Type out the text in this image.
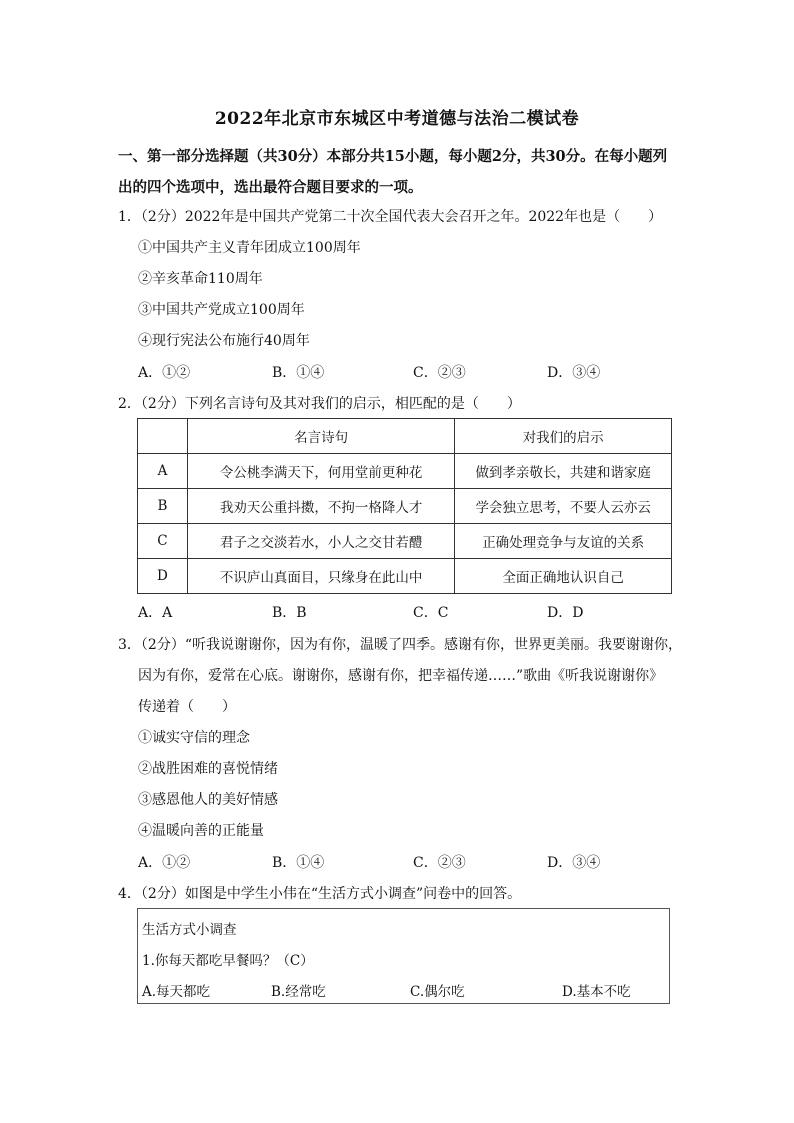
2022年北京市东城区中考道德与法治二模试卷
一、第一部分选择题（共30分）本部分共15小题，每小题2分，共30分。在每小题列出的四个选项中，选出最符合题目要求的一项。
1．（2分）2022年是中国共产党第二十次全国代表大会召开之年。2022年也是（　　）
①中国共产主义青年团成立100周年
②辛亥革命110周年
③中国共产党成立100周年
④现行宪法公布施行40周年
A．①②	B．①④	C．②③	D．③④
2．（2分）下列名言诗句及其对我们的启示，相匹配的是（　　）
	名言诗句	对我们的启示
A	令公桃李满天下，何用堂前更种花	做到孝亲敬长，共建和谐家庭
B	我劝天公重抖擞，不拘一格降人才	学会独立思考，不要人云亦云
C	君子之交淡若水，小人之交甘若醴	正确处理竞争与友谊的关系
D	不识庐山真面目，只缘身在此山中	全面正确地认识自己
A．A	B．B	C．C	D．D
3．（2分）“听我说谢谢你，因为有你，温暖了四季。感谢有你，世界更美丽。我要谢谢你，
因为有你，爱常在心底。谢谢你，感谢有你，把幸福传递……”歌曲《听我说谢谢你》
传递着（　　）
①诚实守信的理念
②战胜困难的喜悦情绪
③感恩他人的美好情感
④温暖向善的正能量
A．①②	B．①④	C．②③	D．③④
4．（2分）如图是中学生小伟在“生活方式小调查”问卷中的回答。
生活方式小调查
1.你每天都吃早餐吗？（C）
A.每天都吃	B.经常吃	C.偶尔吃	D.基本不吃
